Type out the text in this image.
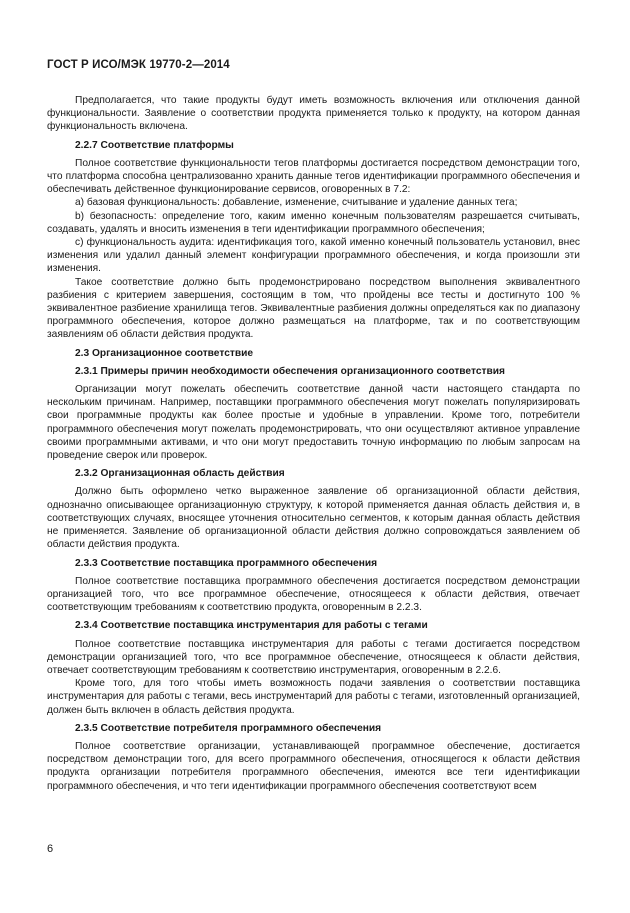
ГОСТ Р ИСО/МЭК 19770-2—2014

Предполагается, что такие продукты будут иметь возможность включения или отключения данной функциональности. Заявление о соответствии продукта применяется только к продукту, на котором данная функциональность включена.

2.2.7 Соответствие платформы

Полное соответствие функциональности тегов платформы достигается посредством демонстрации того, что платформа способна централизованно хранить данные тегов идентификации программного обеспечения и обеспечивать действенное функционирование сервисов, оговоренных в 7.2:

a) базовая функциональность: добавление, изменение, считывание и удаление данных тега;

b) безопасность: определение того, каким именно конечным пользователям разрешается считывать, создавать, удалять и вносить изменения в теги идентификации программного обеспечения;

c) функциональность аудита: идентификация того, какой именно конечный пользователь установил, внес изменения или удалил данный элемент конфигурации программного обеспечения, и когда произошли эти изменения.

Такое соответствие должно быть продемонстрировано посредством выполнения эквивалентного разбиения с критерием завершения, состоящим в том, что пройдены все тесты и достигнуто 100 % эквивалентное разбиение хранилища тегов. Эквивалентные разбиения должны определяться как по диапазону программного обеспечения, которое должно размещаться на платформе, так и по соответствующим заявлениям об области действия продукта.

2.3 Организационное соответствие
2.3.1 Примеры причин необходимости обеспечения организационного соответствия

Организации могут пожелать обеспечить соответствие данной части настоящего стандарта по нескольким причинам. Например, поставщики программного обеспечения могут пожелать популяризировать свои программные продукты как более простые и удобные в управлении. Кроме того, потребители программного обеспечения могут пожелать продемонстрировать, что они осуществляют активное управление своими программными активами, и что они могут предоставить точную информацию по любым запросам на проведение сверок или проверок.

2.3.2 Организационная область действия

Должно быть оформлено четко выраженное заявление об организационной области действия, однозначно описывающее организационную структуру, к которой применяется данная область действия и, в соответствующих случаях, вносящее уточнения относительно сегментов, к которым данная область действия не применяется. Заявление об организационной области действия должно сопровождаться заявлением об области действия продукта.

2.3.3 Соответствие поставщика программного обеспечения

Полное соответствие поставщика программного обеспечения достигается посредством демонстрации организацией того, что все программное обеспечение, относящееся к области действия, отвечает соответствующим требованиям к соответствию продукта, оговоренным в 2.2.3.

2.3.4 Соответствие поставщика инструментария для работы с тегами

Полное соответствие поставщика инструментария для работы с тегами достигается посредством демонстрации организацией того, что все программное обеспечение, относящееся к области действия, отвечает соответствующим требованиям к соответствию инструментария, оговоренным в 2.2.6.

Кроме того, для того чтобы иметь возможность подачи заявления о соответствии поставщика инструментария для работы с тегами, весь инструментарий для работы с тегами, изготовленный организацией, должен быть включен в область действия продукта.

2.3.5 Соответствие потребителя программного обеспечения

Полное соответствие организации, устанавливающей программное обеспечение, достигается посредством демонстрации того, для всего программного обеспечения, относящегося к области действия продукта организации потребителя программного обеспечения, имеются все теги идентификации программного обеспечения, и что теги идентификации программного обеспечения соответствуют всем

6
